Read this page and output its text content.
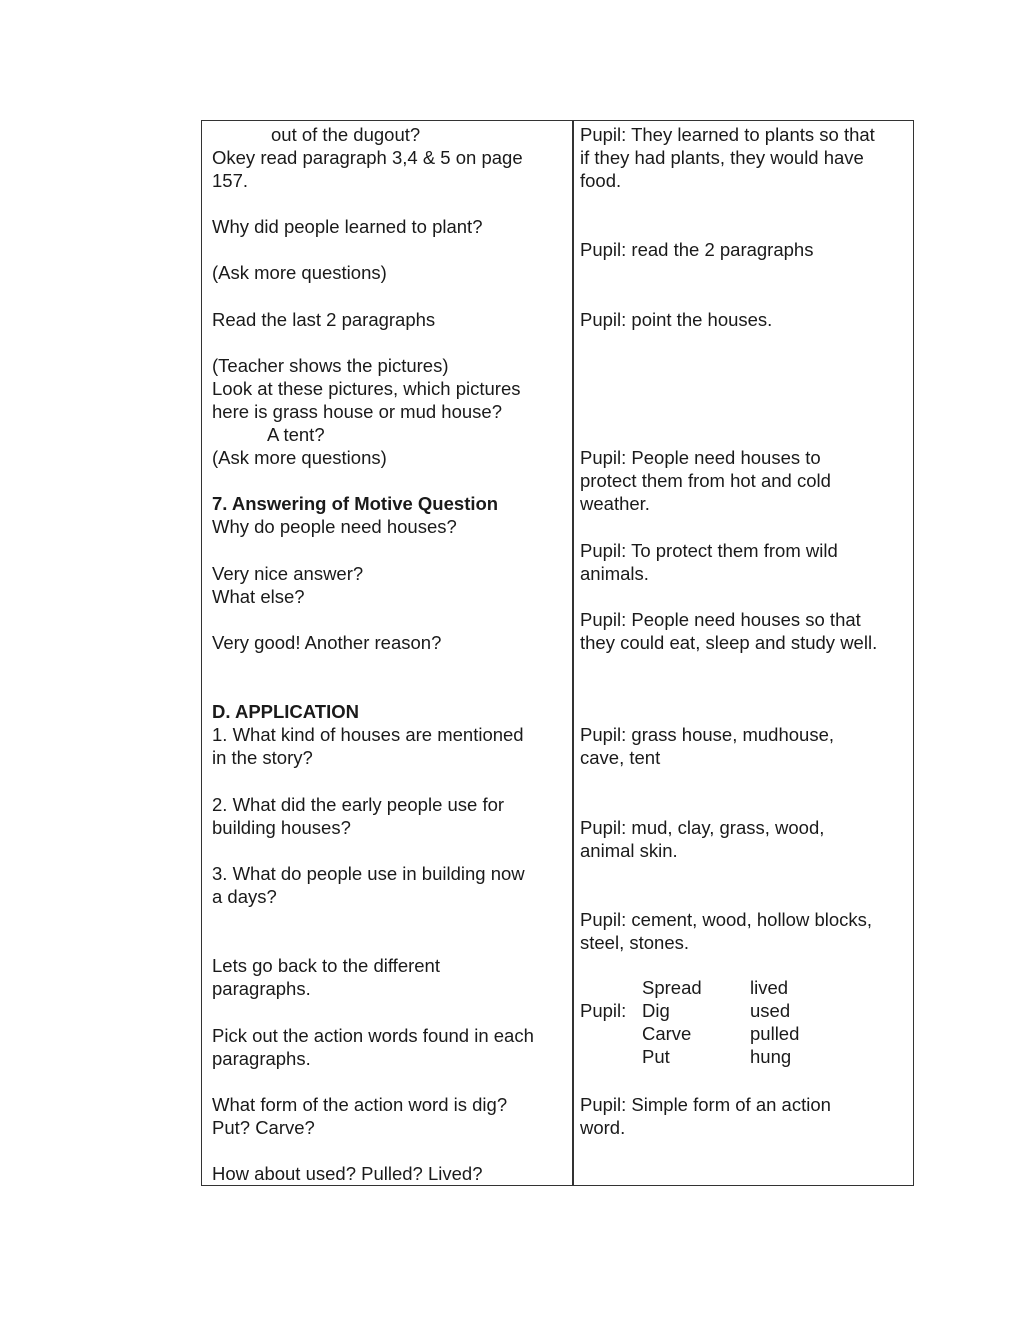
out of the dugout?
Okey read paragraph 3,4 & 5 on page
157.
Why did people learned to plant?
(Ask more questions)
Read the last 2 paragraphs
(Teacher shows the pictures)
Look at these pictures, which pictures
here is grass house or mud house?
A tent?
(Ask more questions)
7. Answering of Motive Question
Why do people need houses?
Very nice answer?
What else?
Very good! Another reason?
D. APPLICATION
1. What kind of houses are mentioned
in the story?
2. What did the early people use for
building houses?
3. What do people use in building now
a days?
Lets go back to the different
paragraphs.
Pick out the action words found in each
paragraphs.
What form of the action word is dig?
Put? Carve?
How about used? Pulled? Lived?
Pupil: They learned to plants so that
if they had plants, they would have
food.
Pupil: read the 2 paragraphs
Pupil: point the houses.
Pupil: People need houses to
protect them from hot and cold
weather.
Pupil: To protect them from wild
animals.
Pupil: People need houses so that
they could eat, sleep and study well.
Pupil: grass house, mudhouse,
cave, tent
Pupil: mud, clay, grass, wood,
animal skin.
Pupil: cement, wood, hollow blocks,
steel, stones.
Pupil:
Spread
Dig
Carve
Put
lived
used
pulled
hung
Pupil: Simple form of an action
word.
